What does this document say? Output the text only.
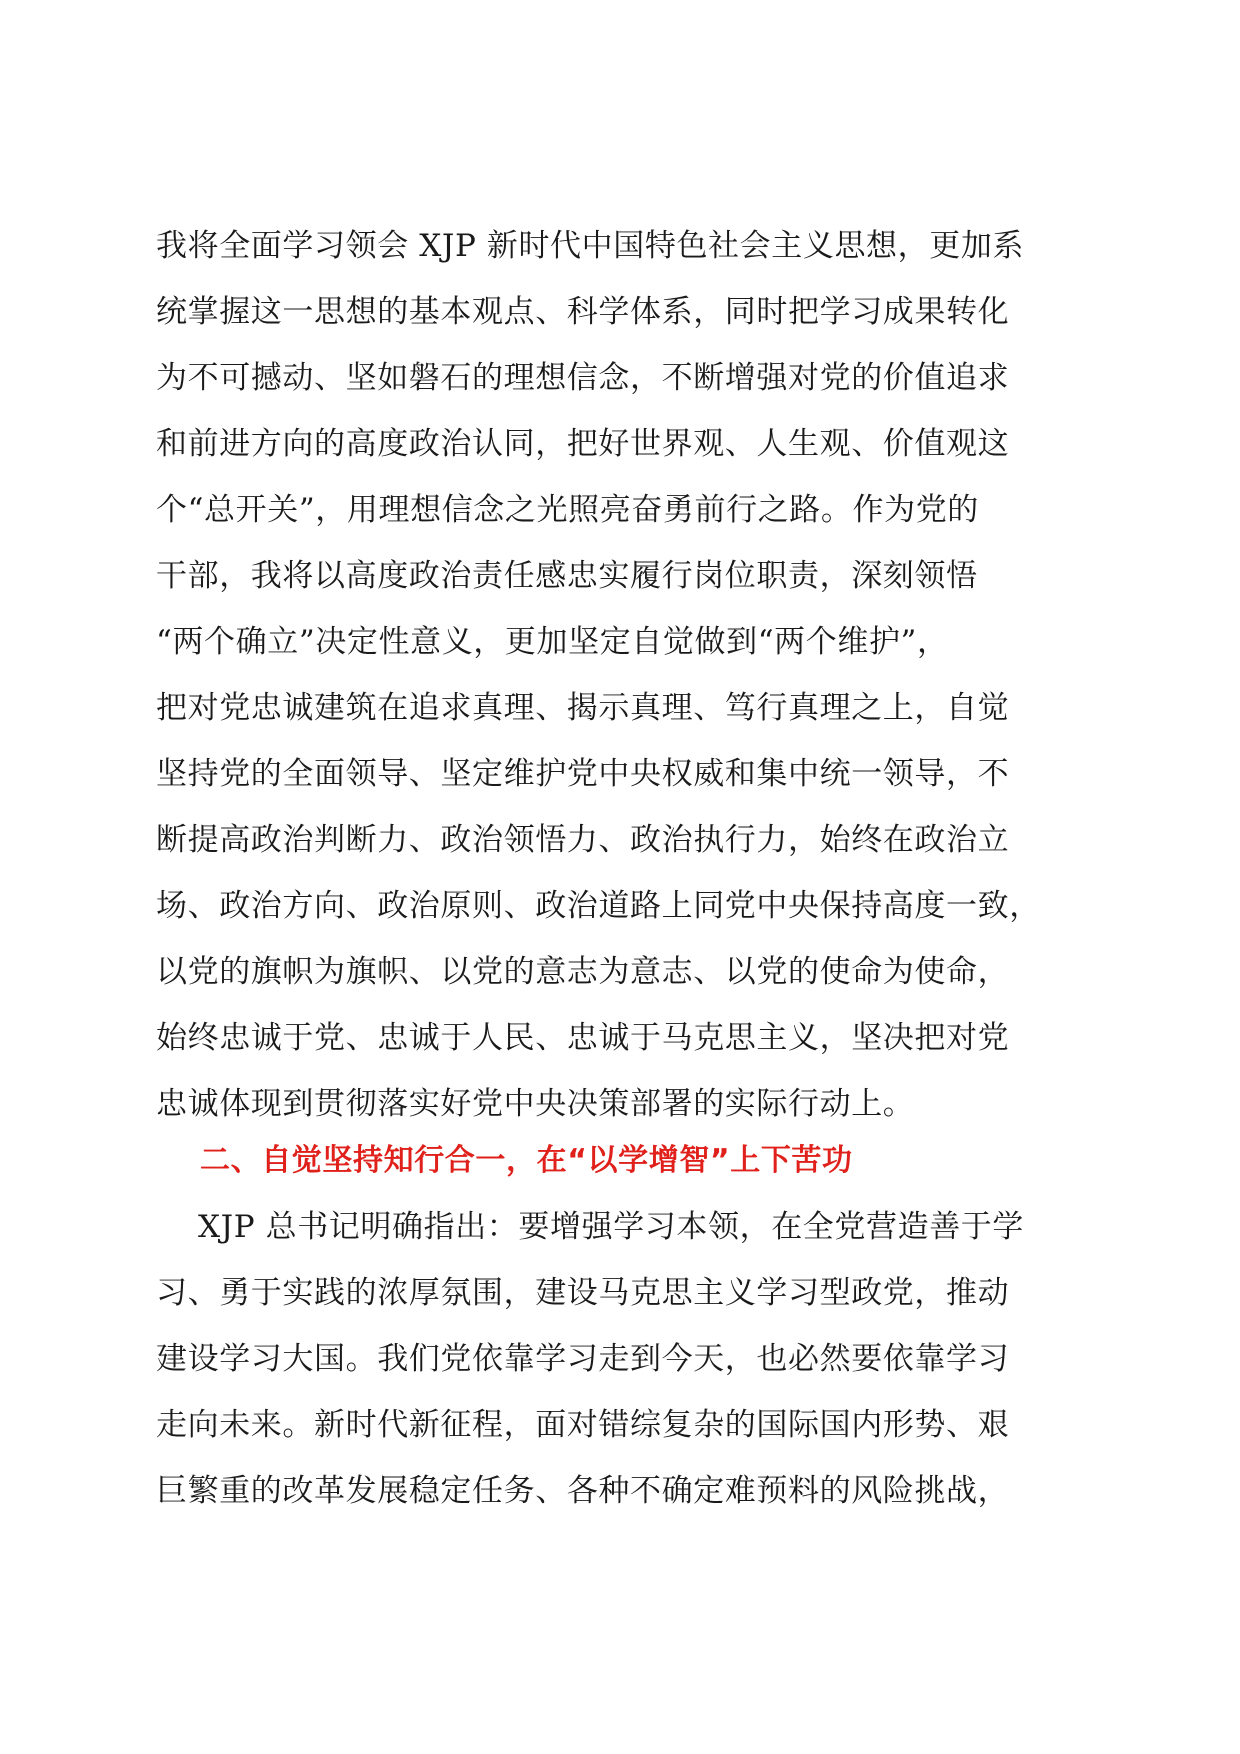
我将全面学习领会 XJP 新时代中国特色社会主义思想，更加系
统掌握这一思想的基本观点、科学体系，同时把学习成果转化
为不可撼动、坚如磐石的理想信念，不断增强对党的价值追求
和前进方向的高度政治认同，把好世界观、人生观、价值观这
个“总开关”，用理想信念之光照亮奋勇前行之路。作为党的
干部，我将以高度政治责任感忠实履行岗位职责，深刻领悟
“两个确立”决定性意义，更加坚定自觉做到“两个维护”，
把对党忠诚建筑在追求真理、揭示真理、笃行真理之上，自觉
坚持党的全面领导、坚定维护党中央权威和集中统一领导，不
断提高政治判断力、政治领悟力、政治执行力，始终在政治立
场、政治方向、政治原则、政治道路上同党中央保持高度一致，
以党的旗帜为旗帜、以党的意志为意志、以党的使命为使命，
始终忠诚于党、忠诚于人民、忠诚于马克思主义，坚决把对党
忠诚体现到贯彻落实好党中央决策部署的实际行动上。
二、自觉坚持知行合一，在“以学增智”上下苦功
XJP 总书记明确指出：要增强学习本领，在全党营造善于学
习、勇于实践的浓厚氛围，建设马克思主义学习型政党，推动
建设学习大国。我们党依靠学习走到今天，也必然要依靠学习
走向未来。新时代新征程，面对错综复杂的国际国内形势、艰
巨繁重的改革发展稳定任务、各种不确定难预料的风险挑战，
